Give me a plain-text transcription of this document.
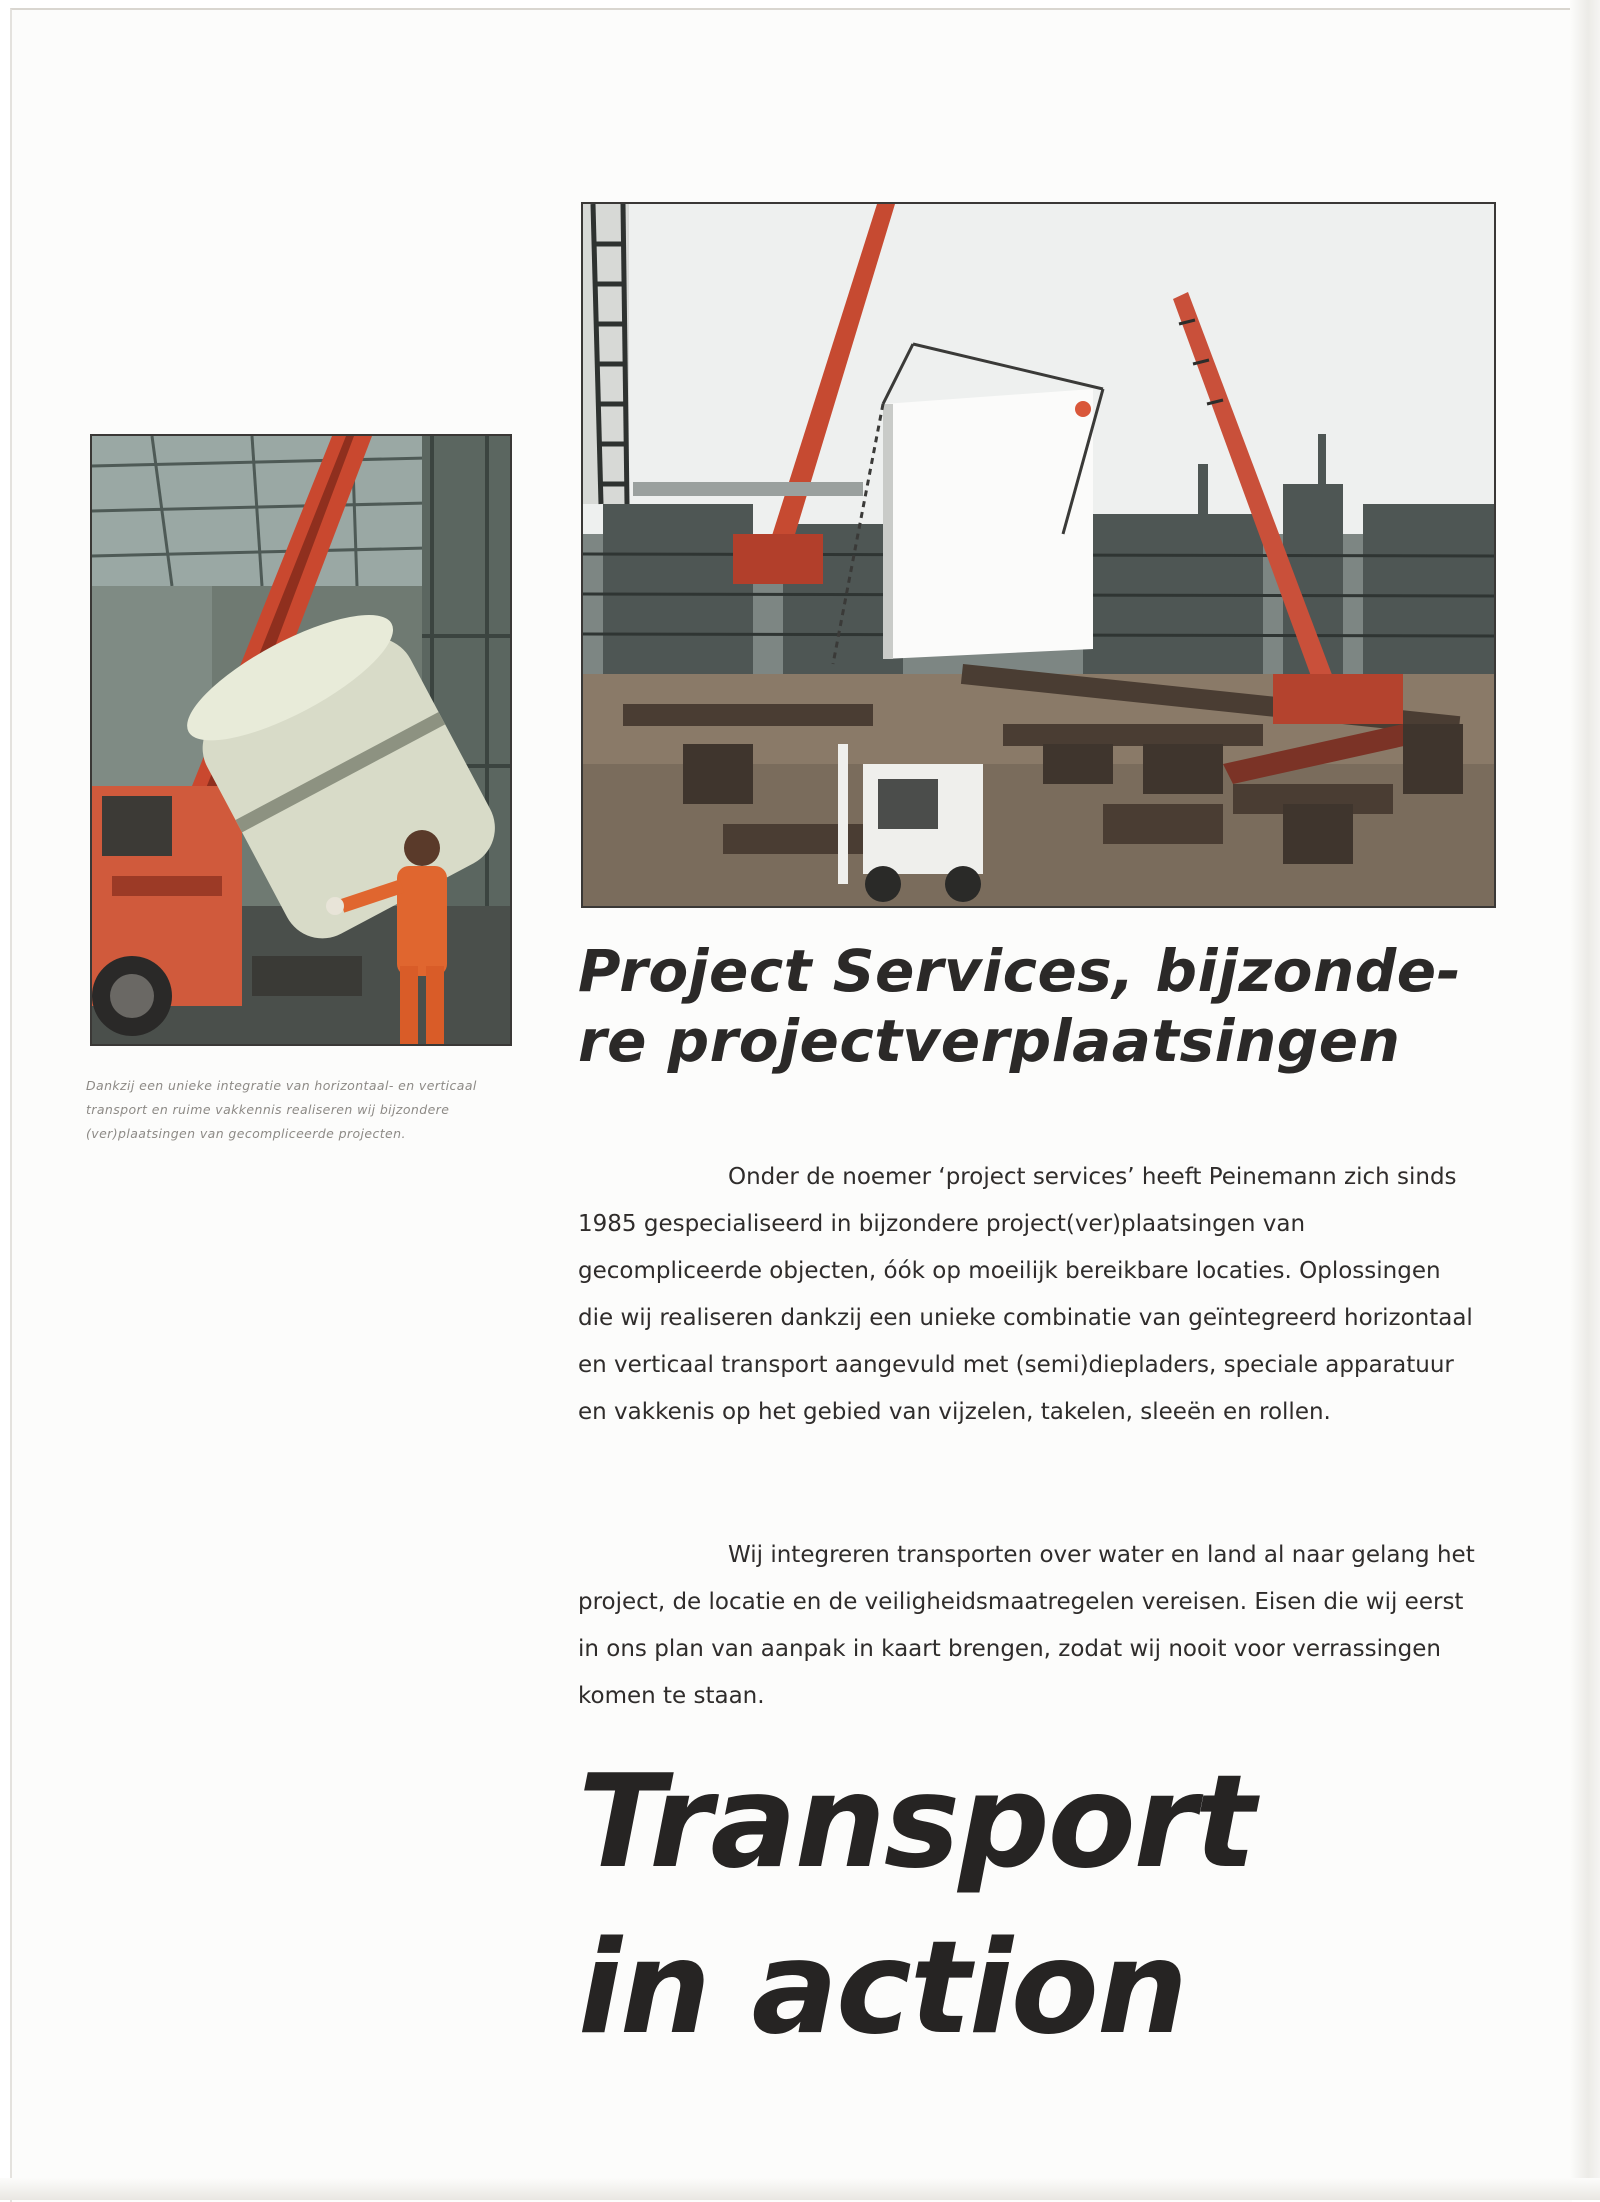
Dankzij een unieke integratie van horizontaal- en verticaal transport en ruime vakkennis realiseren wij bijzondere (ver)plaatsingen van gecompliceerde projecten.
Project Services, bijzonde-
re projectverplaatsingen

Onder de noemer ‘project services’ heeft Peinemann zich sinds 1985 gespecialiseerd in bijzondere project(ver)plaatsingen van gecompliceerde objecten, óók op moeilijk bereikbare locaties. Oplossingen die wij realiseren dankzij een unieke combinatie van geïntegreerd horizontaal en verticaal transport aangevuld met (semi)diepladers, speciale apparatuur en vakkenis op het gebied van vijzelen, takelen, sleeën en rollen.

Wij integreren transporten over water en land al naar gelang het project, de locatie en de veiligheidsmaatregelen vereisen. Eisen die wij eerst in ons plan van aanpak in kaart brengen, zodat wij nooit voor verrassingen komen te staan.

Transport
in action
